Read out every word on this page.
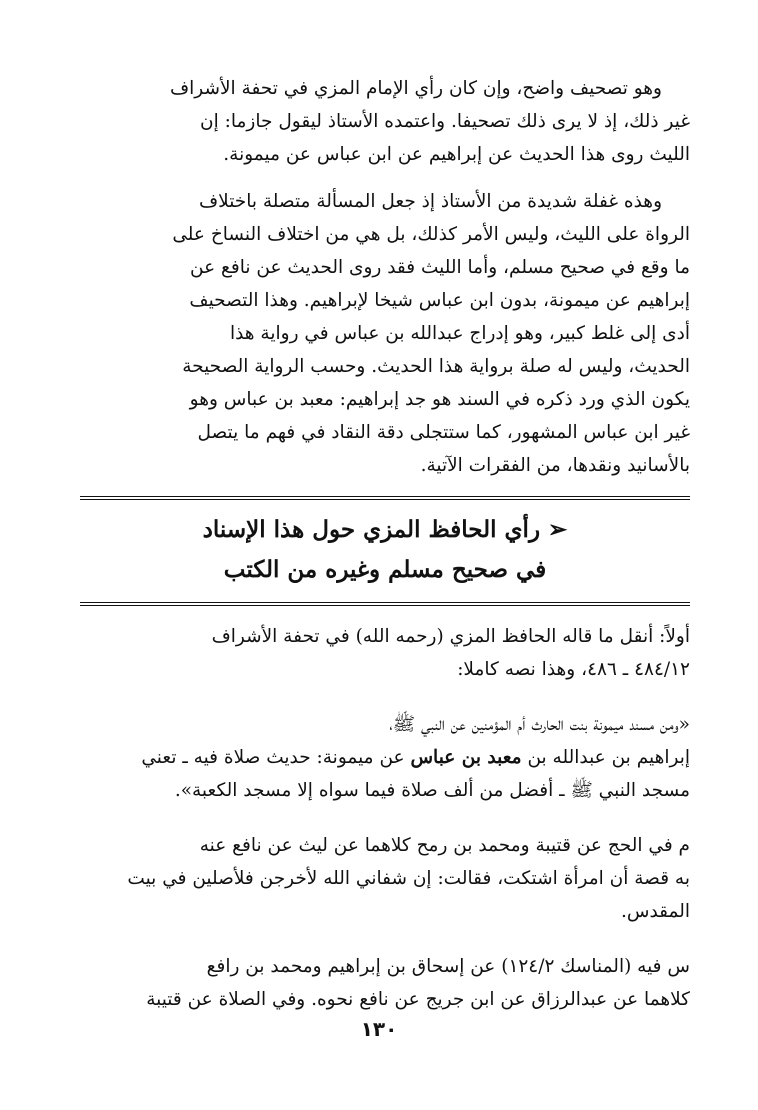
وهو تصحيف واضح، وإن كان رأي الإمام المزي في تحفة الأشراف
غير ذلك، إذ لا يرى ذلك تصحيفا. واعتمده الأستاذ ليقول جازما: إن
الليث روى هذا الحديث عن إبراهيم عن ابن عباس عن ميمونة.

وهذه غفلة شديدة من الأستاذ إذ جعل المسألة متصلة باختلاف
الرواة على الليث، وليس الأمر كذلك، بل هي من اختلاف النساخ على
ما وقع في صحيح مسلم، وأما الليث فقد روى الحديث عن نافع عن
إبراهيم عن ميمونة، بدون ابن عباس شيخا لإبراهيم. وهذا التصحيف
أدى إلى غلط كبير، وهو إدراج عبدالله بن عباس في رواية هذا
الحديث، وليس له صلة برواية هذا الحديث. وحسب الرواية الصحيحة
يكون الذي ورد ذكره في السند هو جد إبراهيم: معبد بن عباس وهو
غير ابن عباس المشهور، كما ستتجلى دقة النقاد في فهم ما يتصل
بالأسانيد ونقدها، من الفقرات الآتية.

➢رأي الحافظ المزي حول هذا الإسناد
في صحيح مسلم وغيره من الكتب

أولاً: أنقل ما قاله الحافظ المزي (رحمه الله) في تحفة الأشراف
٤٨٤/١٢ ـ ٤٨٦، وهذا نصه كاملا:

«ومن مسند ميمونة بنت الحارث أم المؤمنين عن النبي ﷺ،
إبراهيم بن عبدالله بن معبد بن عباس عن ميمونة: حديث صلاة فيه ـ تعني
مسجد النبي ﷺ ـ أفضل من ألف صلاة فيما سواه إلا مسجد الكعبة».

م في الحج عن قتيبة ومحمد بن رمح كلاهما عن ليث عن نافع عنه
به قصة أن امرأة اشتكت، فقالت: إن شفاني الله لأخرجن فلأصلين في بيت
المقدس.

س فيه (المناسك ١٢٤/٢) عن إسحاق بن إبراهيم ومحمد بن رافع
كلاهما عن عبدالرزاق عن ابن جريج عن نافع نحوه. وفي الصلاة عن قتيبة

١٣٠
